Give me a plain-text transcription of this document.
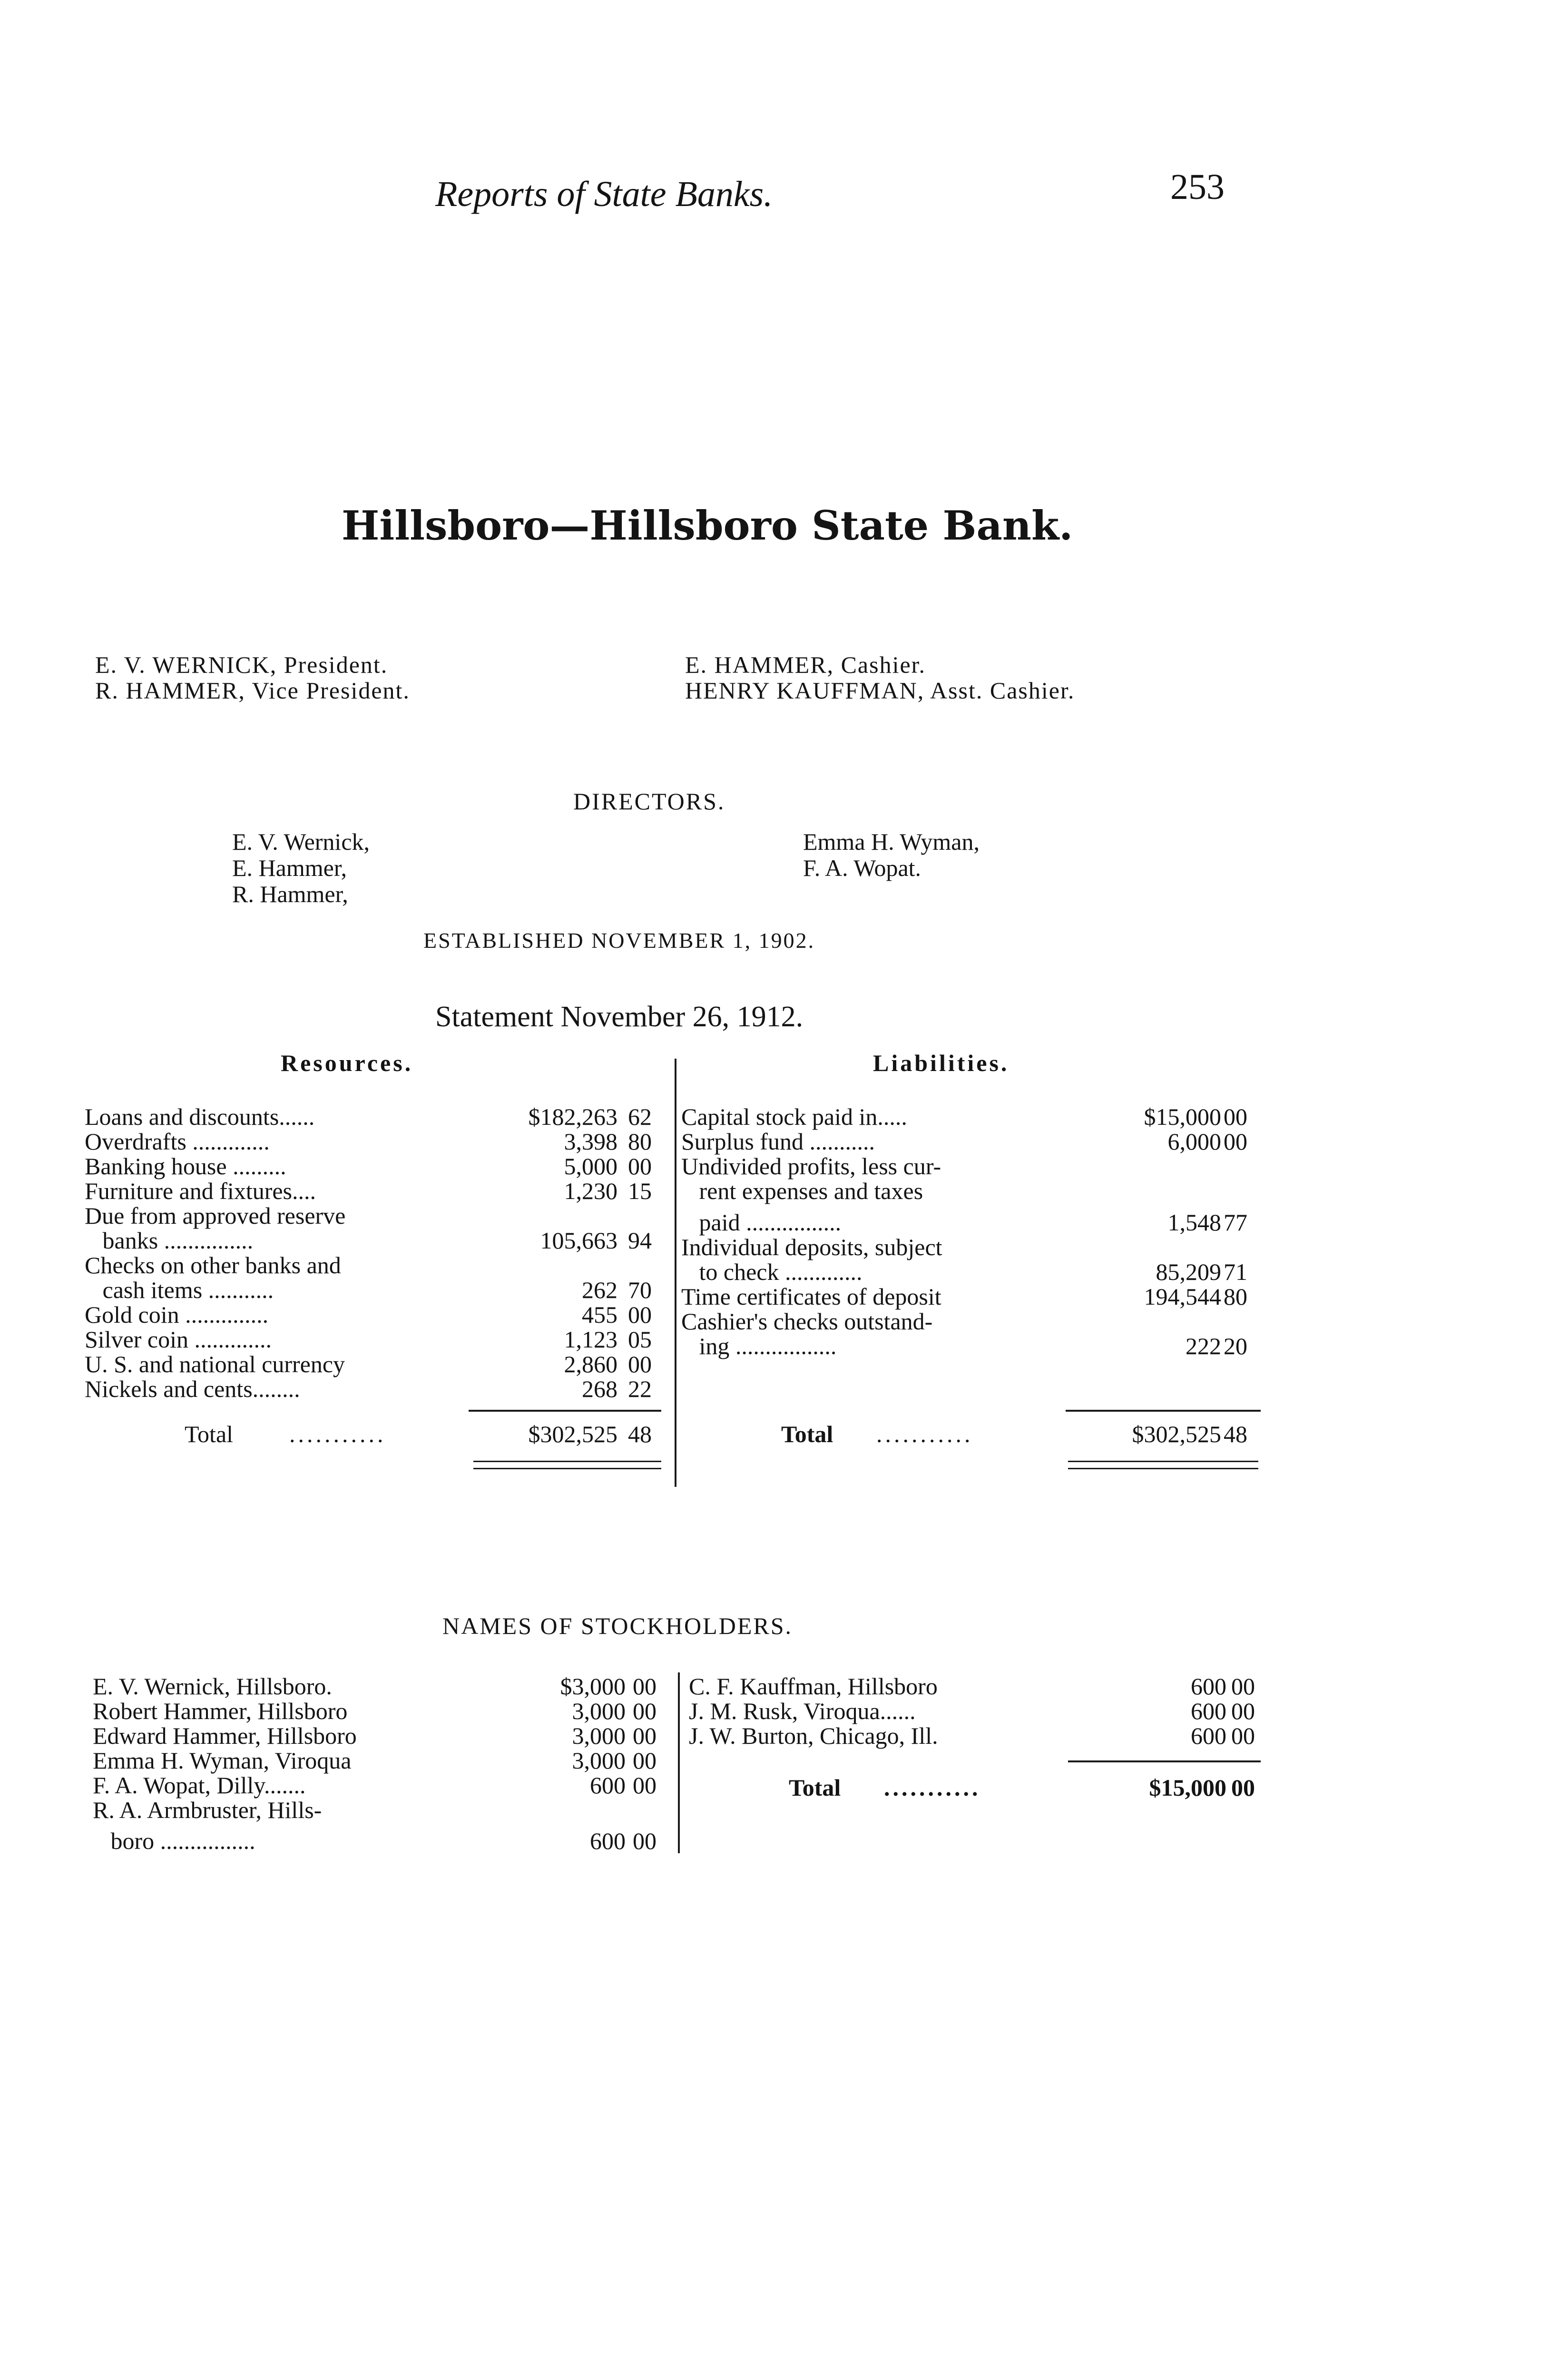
Reports of State Banks.	253
Hillsboro—Hillsboro State Bank.
E. V. WERNICK, President.
R. HAMMER, Vice President.
E. HAMMER, Cashier.
HENRY KAUFFMAN, Asst. Cashier.
DIRECTORS.
E. V. Wernick,
E. Hammer,
R. Hammer,
Emma H. Wyman,
F. A. Wopat.
ESTABLISHED NOVEMBER 1, 1902.
Statement November 26, 1912.
Resources.	Liabilities.
Loans and discounts......	$182,263 62
Overdrafts .............	3,398 80
Banking house .........	5,000 00
Furniture and fixtures....	1,230 15
Due from approved reserve
banks ...............	105,663 94
Checks on other banks and
cash items ...........	262 70
Gold coin ..............	455 00
Silver coin .............	1,123 05
U. S. and national currency	2,860 00
Nickels and cents........	268 22
Total ...........	$302,525 48
Capital stock paid in.....	$15,000 00
Surplus fund ...........	6,000 00
Undivided profits, less cur-
rent expenses and taxes
paid ................	1,548 77
Individual deposits, subject
to check .............	85,209 71
Time certificates of deposit	194,544 80
Cashier's checks outstand-
ing .................	222 20
Total ...........	$302,525 48
NAMES OF STOCKHOLDERS.
E. V. Wernick, Hillsboro.	$3,000 00
Robert Hammer, Hillsboro	3,000 00
Edward Hammer, Hillsboro	3,000 00
Emma H. Wyman, Viroqua	3,000 00
F. A. Wopat, Dilly.......	600 00
R. A. Armbruster, Hills-
boro ................	600 00
C. F. Kauffman, Hillsboro	600 00
J. M. Rusk, Viroqua......	600 00
J. W. Burton, Chicago, Ill.	600 00
Total ...........	$15,000 00
